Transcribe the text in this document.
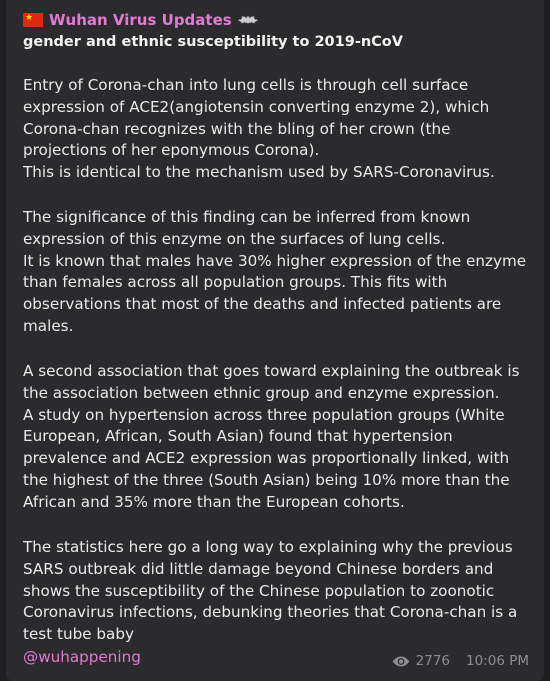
★ Wuhan Virus Updates
gender and ethnic susceptibility to 2019-nCoV
Entry of Corona-chan into lung cells is through cell surface
expression of ACE2(angiotensin converting enzyme 2), which
Corona-chan recognizes with the bling of her crown (the
projections of her eponymous Corona).
This is identical to the mechanism used by SARS-Coronavirus.
The significance of this finding can be inferred from known
expression of this enzyme on the surfaces of lung cells.
It is known that males have 30% higher expression of the enzyme
than females across all population groups. This fits with
observations that most of the deaths and infected patients are
males.
A second association that goes toward explaining the outbreak is
the association between ethnic group and enzyme expression.
A study on hypertension across three population groups (White
European, African, South Asian) found that hypertension
prevalence and ACE2 expression was proportionally linked, with
the highest of the three (South Asian) being 10% more than the
African and 35% more than the European cohorts.
The statistics here go a long way to explaining why the previous
SARS outbreak did little damage beyond Chinese borders and
shows the susceptibility of the Chinese population to zoonotic
Coronavirus infections, debunking theories that Corona-chan is a
test tube baby
@wuhappening	2776 10:06 PM
